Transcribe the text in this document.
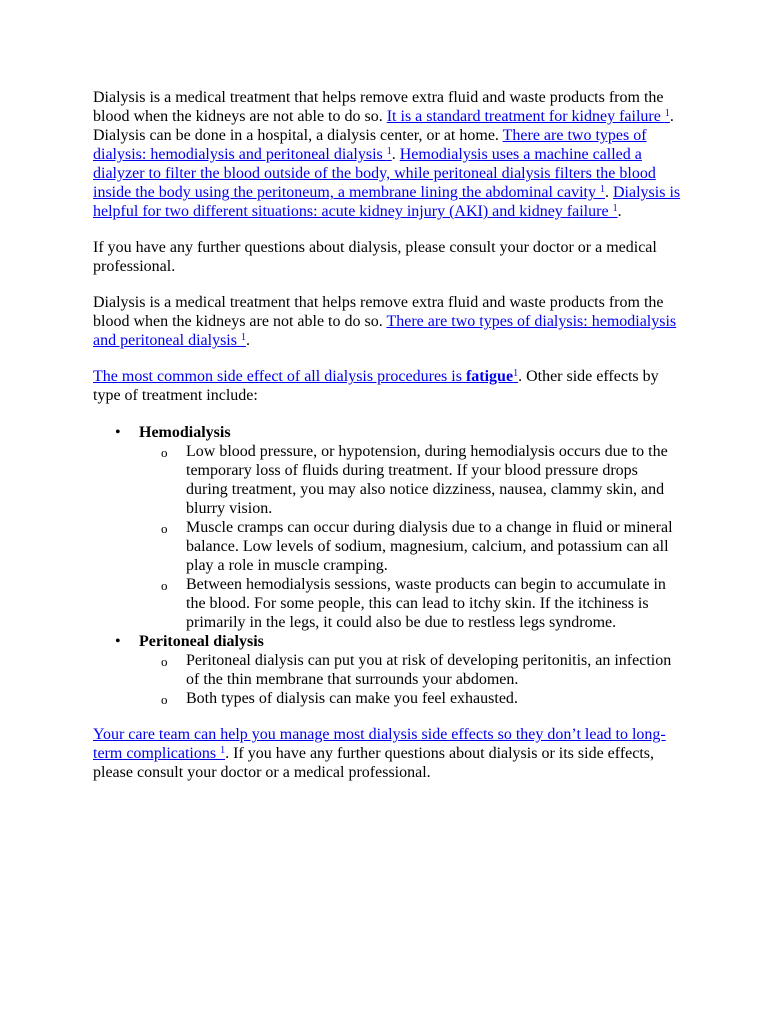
Dialysis is a medical treatment that helps remove extra fluid and waste products from the blood when the kidneys are not able to do so. It is a standard treatment for kidney failure $^1$. Dialysis can be done in a hospital, a dialysis center, or at home. There are two types of dialysis: hemodialysis and peritoneal dialysis $^1$. Hemodialysis uses a machine called a dialyzer to filter the blood outside of the body, while peritoneal dialysis filters the blood inside the body using the peritoneum, a membrane lining the abdominal cavity $^1$. Dialysis is helpful for two different situations: acute kidney injury (AKI) and kidney failure $^1$.

If you have any further questions about dialysis, please consult your doctor or a medical professional.

Dialysis is a medical treatment that helps remove extra fluid and waste products from the blood when the kidneys are not able to do so. There are two types of dialysis: hemodialysis and peritoneal dialysis $^1$.

The most common side effect of all dialysis procedures is fatigue$^1$. Other side effects by type of treatment include:

• Hemodialysis
o Low blood pressure, or hypotension, during hemodialysis occurs due to the temporary loss of fluids during treatment. If your blood pressure drops during treatment, you may also notice dizziness, nausea, clammy skin, and blurry vision.
o Muscle cramps can occur during dialysis due to a change in fluid or mineral balance. Low levels of sodium, magnesium, calcium, and potassium can all play a role in muscle cramping.
o Between hemodialysis sessions, waste products can begin to accumulate in the blood. For some people, this can lead to itchy skin. If the itchiness is primarily in the legs, it could also be due to restless legs syndrome.
• Peritoneal dialysis
o Peritoneal dialysis can put you at risk of developing peritonitis, an infection of the thin membrane that surrounds your abdomen.
o Both types of dialysis can make you feel exhausted.

Your care team can help you manage most dialysis side effects so they don’t lead to long-term complications $^1$. If you have any further questions about dialysis or its side effects, please consult your doctor or a medical professional.
